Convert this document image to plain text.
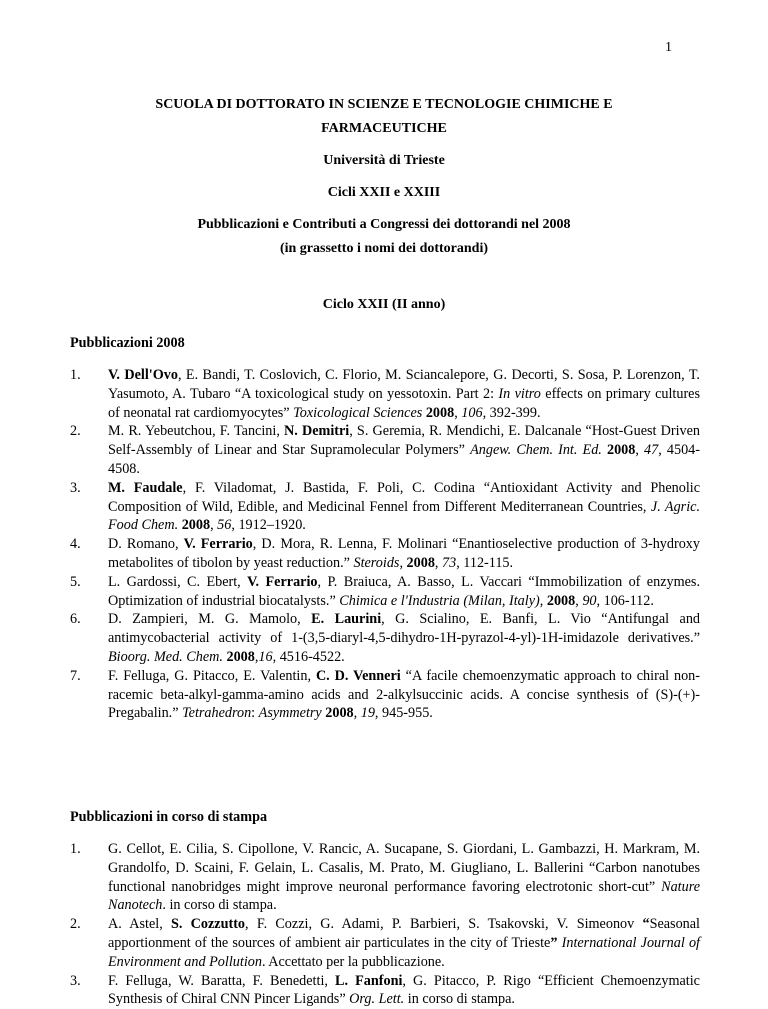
1
SCUOLA DI DOTTORATO IN SCIENZE E TECNOLOGIE CHIMICHE E
FARMACEUTICHE
Università di Trieste
Cicli XXII e XXIII
Pubblicazioni e Contributi a Congressi dei dottorandi nel 2008
(in grassetto i nomi dei dottorandi)
Ciclo XXII (II anno)
Pubblicazioni 2008
1. V. Dell'Ovo, E. Bandi, T. Coslovich, C. Florio, M. Sciancalepore, G. Decorti, S. Sosa, P. Lorenzon, T. Yasumoto, A. Tubaro “A toxicological study on yessotoxin. Part 2: In vitro effects on primary cultures of neonatal rat cardiomyocytes” Toxicological Sciences 2008, 106, 392-399.
2. M. R. Yebeutchou, F. Tancini, N. Demitri, S. Geremia, R. Mendichi, E. Dalcanale “Host-Guest Driven Self-Assembly of Linear and Star Supramolecular Polymers” Angew. Chem. Int. Ed. 2008, 47, 4504-4508.
3. M. Faudale, F. Viladomat, J. Bastida, F. Poli, C. Codina “Antioxidant Activity and Phenolic Composition of Wild, Edible, and Medicinal Fennel from Different Mediterranean Countries, J. Agric. Food Chem. 2008, 56, 1912–1920.
4. D. Romano, V. Ferrario, D. Mora, R. Lenna, F. Molinari “Enantioselective production of 3-hydroxy metabolites of tibolon by yeast reduction.” Steroids, 2008, 73, 112-115.
5. L. Gardossi, C. Ebert, V. Ferrario, P. Braiuca, A. Basso, L. Vaccari “Immobilization of enzymes. Optimization of industrial biocatalysts.” Chimica e l'Industria (Milan, Italy), 2008, 90, 106-112.
6. D. Zampieri, M. G. Mamolo, E. Laurini, G. Scialino, E. Banfi, L. Vio “Antifungal and antimycobacterial activity of 1-(3,5-diaryl-4,5-dihydro-1H-pyrazol-4-yl)-1H-imidazole derivatives.” Bioorg. Med. Chem. 2008,16, 4516-4522.
7. F. Felluga, G. Pitacco, E. Valentin, C. D. Venneri “A facile chemoenzymatic approach to chiral non-racemic beta-alkyl-gamma-amino acids and 2-alkylsuccinic acids. A concise synthesis of (S)-(+)-Pregabalin.” Tetrahedron: Asymmetry 2008, 19, 945-955.
Pubblicazioni in corso di stampa
1. G. Cellot, E. Cilia, S. Cipollone, V. Rancic, A. Sucapane, S. Giordani, L. Gambazzi, H. Markram, M. Grandolfo, D. Scaini, F. Gelain, L. Casalis, M. Prato, M. Giugliano, L. Ballerini “Carbon nanotubes functional nanobridges might improve neuronal performance favoring electrotonic short-cut” Nature Nanotech. in corso di stampa.
2. A. Astel, S. Cozzutto, F. Cozzi, G. Adami, P. Barbieri, S. Tsakovski, V. Simeonov “Seasonal apportionment of the sources of ambient air particulates in the city of Trieste” International Journal of Environment and Pollution. Accettato per la pubblicazione.
3. F. Felluga, W. Baratta, F. Benedetti, L. Fanfoni, G. Pitacco, P. Rigo “Efficient Chemoenzymatic Synthesis of Chiral CNN Pincer Ligands” Org. Lett. in corso di stampa.
